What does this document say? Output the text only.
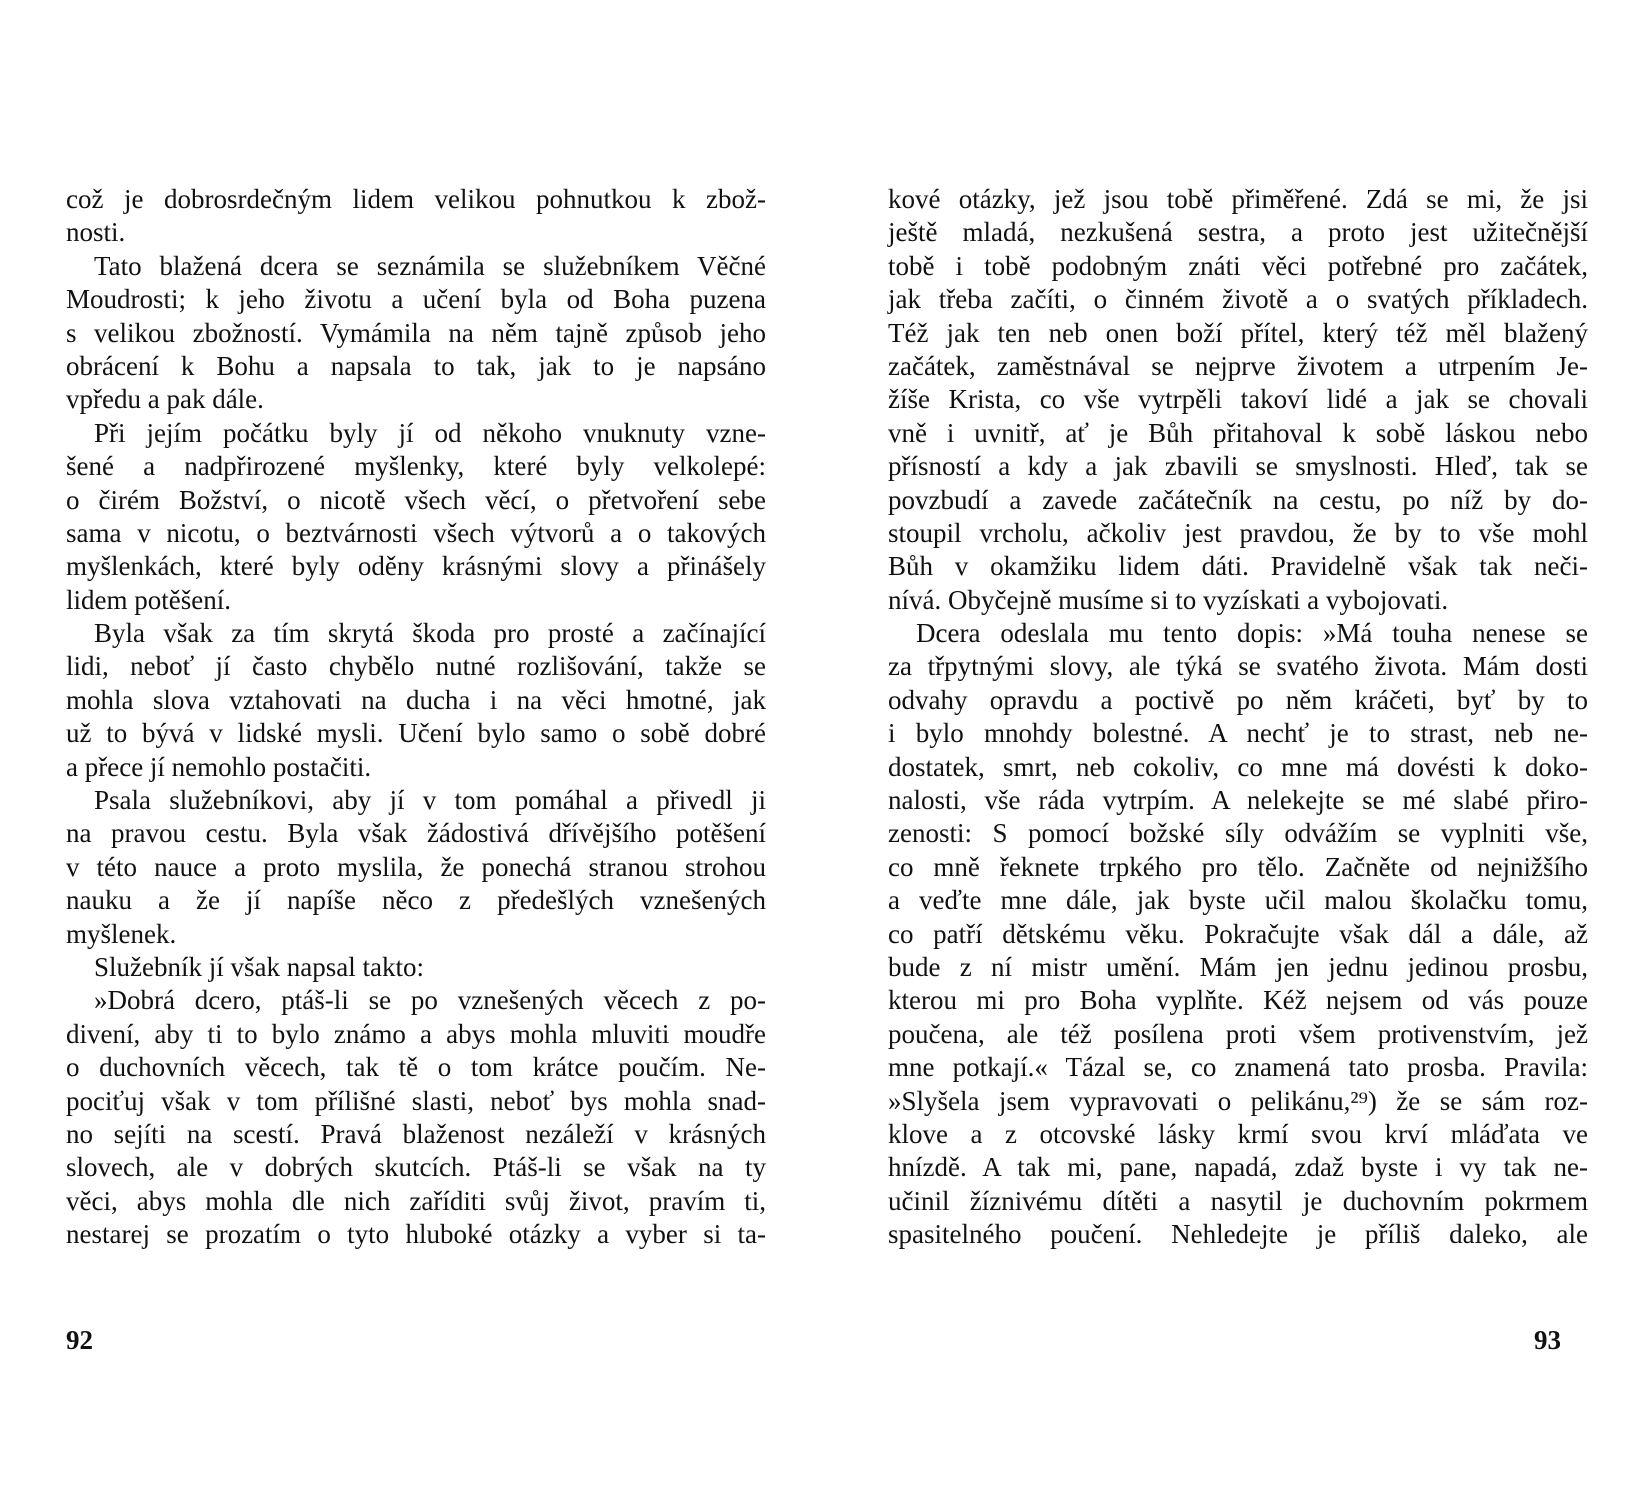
což je dobrosrdečným lidem velikou pohnutkou k zbož-
nosti.
Tato blažená dcera se seznámila se služebníkem Věčné
Moudrosti; k jeho životu a učení byla od Boha puzena
s velikou zbožností. Vymámila na něm tajně způsob jeho
obrácení k Bohu a napsala to tak, jak to je napsáno
vpředu a pak dále.
Při jejím počátku byly jí od někoho vnuknuty vzne-
šené a nadpřirozené myšlenky, které byly velkolepé:
o čirém Božství, o nicotě všech věcí, o přetvoření sebe
sama v nicotu, o beztvárnosti všech výtvorů a o takových
myšlenkách, které byly oděny krásnými slovy a přinášely
lidem potěšení.
Byla však za tím skrytá škoda pro prosté a začínající
lidi, neboť jí často chybělo nutné rozlišování, takže se
mohla slova vztahovati na ducha i na věci hmotné, jak
už to bývá v lidské mysli. Učení bylo samo o sobě dobré
a přece jí nemohlo postačiti.
Psala služebníkovi, aby jí v tom pomáhal a přivedl ji
na pravou cestu. Byla však žádostivá dřívějšího potěšení
v této nauce a proto myslila, že ponechá stranou strohou
nauku a že jí napíše něco z předešlých vznešených
myšlenek.
Služebník jí však napsal takto:
»Dobrá dcero, ptáš-li se po vznešených věcech z po-
divení, aby ti to bylo známo a abys mohla mluviti moudře
o duchovních věcech, tak tě o tom krátce poučím. Ne-
pociťuj však v tom přílišné slasti, neboť bys mohla snad-
no sejíti na scestí. Pravá blaženost nezáleží v krásných
slovech, ale v dobrých skutcích. Ptáš-li se však na ty
věci, abys mohla dle nich zaříditi svůj život, pravím ti,
nestarej se prozatím o tyto hluboké otázky a vyber si ta-
kové otázky, jež jsou tobě přiměřené. Zdá se mi, že jsi
ještě mladá, nezkušená sestra, a proto jest užitečnější
tobě i tobě podobným znáti věci potřebné pro začátek,
jak třeba začíti, o činném životě a o svatých příkladech.
Též jak ten neb onen boží přítel, který též měl blažený
začátek, zaměstnával se nejprve životem a utrpením Je-
žíše Krista, co vše vytrpěli takoví lidé a jak se chovali
vně i uvnitř, ať je Bůh přitahoval k sobě láskou nebo
přísností a kdy a jak zbavili se smyslnosti. Hleď, tak se
povzbudí a zavede začátečník na cestu, po níž by do-
stoupil vrcholu, ačkoliv jest pravdou, že by to vše mohl
Bůh v okamžiku lidem dáti. Pravidelně však tak neči-
nívá. Obyčejně musíme si to vyzískati a vybojovati.
Dcera odeslala mu tento dopis: »Má touha nenese se
za třpytnými slovy, ale týká se svatého života. Mám dosti
odvahy opravdu a poctivě po něm kráčeti, byť by to
i bylo mnohdy bolestné. A nechť je to strast, neb ne-
dostatek, smrt, neb cokoliv, co mne má dovésti k doko-
nalosti, vše ráda vytrpím. A nelekejte se mé slabé přiro-
zenosti: S pomocí božské síly odvážím se vyplniti vše,
co mně řeknete trpkého pro tělo. Začněte od nejnižšího
a veďte mne dále, jak byste učil malou školačku tomu,
co patří dětskému věku. Pokračujte však dál a dále, až
bude z ní mistr umění. Mám jen jednu jedinou prosbu,
kterou mi pro Boha vyplňte. Kéž nejsem od vás pouze
poučena, ale též posílena proti všem protivenstvím, jež
mne potkají.« Tázal se, co znamená tato prosba. Pravila:
»Slyšela jsem vypravovati o pelikánu,²⁹) že se sám roz-
klove a z otcovské lásky krmí svou krví mláďata ve
hnízdě. A tak mi, pane, napadá, zdaž byste i vy tak ne-
učinil žíznivému dítěti a nasytil je duchovním pokrmem
spasitelného poučení. Nehledejte je příliš daleko, ale
92	93
